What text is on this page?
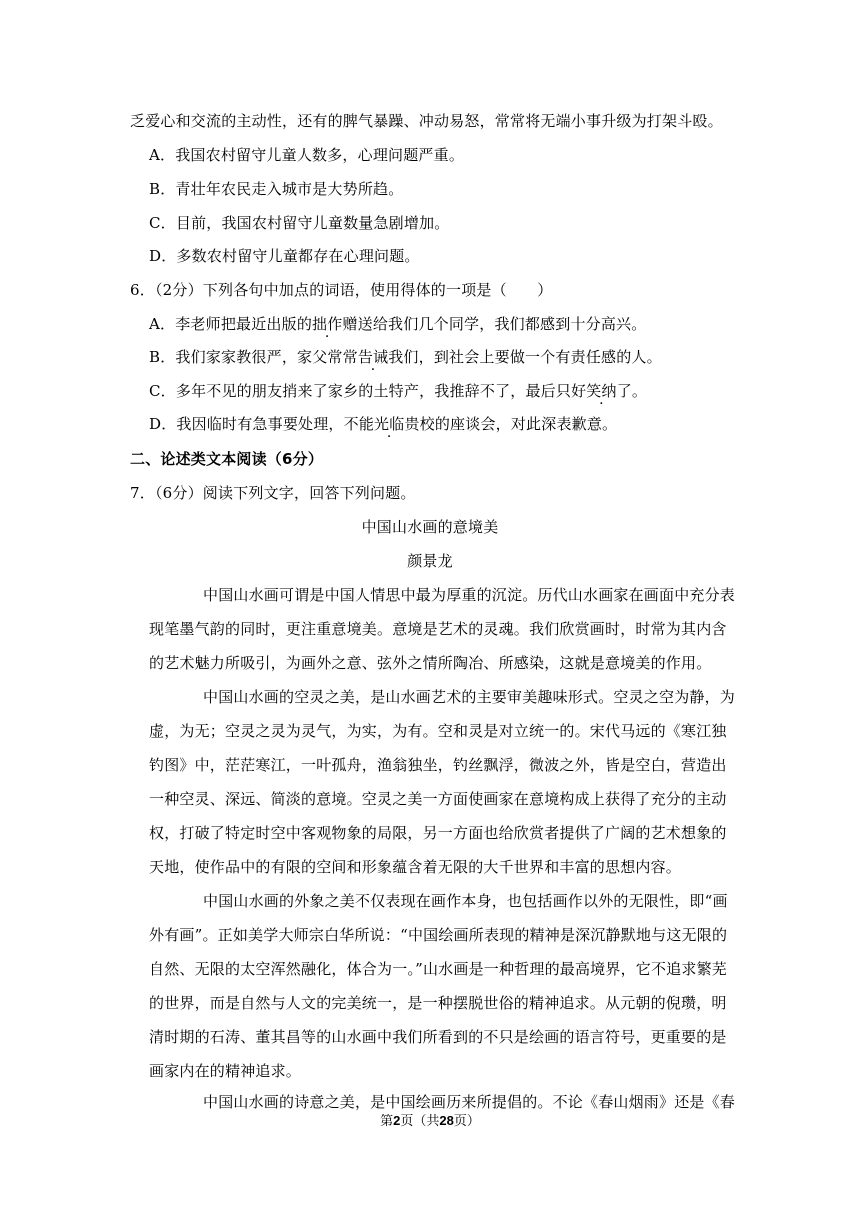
乏爱心和交流的主动性，还有的脾气暴躁、冲动易怒，常常将无端小事升级为打架斗殴。
A．我国农村留守儿童人数多，心理问题严重。
B．青壮年农民走入城市是大势所趋。
C．目前，我国农村留守儿童数量急剧增加。
D．多数农村留守儿童都存在心理问题。
6．（2分）下列各句中加点的词语，使用得体的一项是（　　）
A．李老师把最近出版的拙作赠送给我们几个同学，我们都感到十分高兴。
B．我们家家教很严，家父常常告诫我们，到社会上要做一个有责任感的人。
C．多年不见的朋友捎来了家乡的土特产，我推辞不了，最后只好笑纳了。
D．我因临时有急事要处理，不能光临贵校的座谈会，对此深表歉意。
二、论述类文本阅读（6分）
7．（6分）阅读下列文字，回答下列问题。
中国山水画的意境美
颜景龙
中国山水画可谓是中国人情思中最为厚重的沉淀。历代山水画家在画面中充分表
现笔墨气韵的同时，更注重意境美。意境是艺术的灵魂。我们欣赏画时，时常为其内含
的艺术魅力所吸引，为画外之意、弦外之情所陶冶、所感染，这就是意境美的作用。
中国山水画的空灵之美，是山水画艺术的主要审美趣味形式。空灵之空为静，为
虚，为无；空灵之灵为灵气，为实，为有。空和灵是对立统一的。宋代马远的《寒江独
钓图》中，茫茫寒江，一叶孤舟，渔翁独坐，钓丝飘浮，微波之外，皆是空白，营造出
一种空灵、深远、简淡的意境。空灵之美一方面使画家在意境构成上获得了充分的主动
权，打破了特定时空中客观物象的局限，另一方面也给欣赏者提供了广阔的艺术想象的
天地，使作品中的有限的空间和形象蕴含着无限的大千世界和丰富的思想内容。
中国山水画的外象之美不仅表现在画作本身，也包括画作以外的无限性，即“画
外有画”。正如美学大师宗白华所说：“中国绘画所表现的精神是深沉静默地与这无限的
自然、无限的太空浑然融化，体合为一。”山水画是一种哲理的最高境界，它不追求繁芜
的世界，而是自然与人文的完美统一，是一种摆脱世俗的精神追求。从元朝的倪瓒，明
清时期的石涛、董其昌等的山水画中我们所看到的不只是绘画的语言符号，更重要的是
画家内在的精神追求。
中国山水画的诗意之美，是中国绘画历来所提倡的。不论《春山烟雨》还是《春
第2页（共28页）
